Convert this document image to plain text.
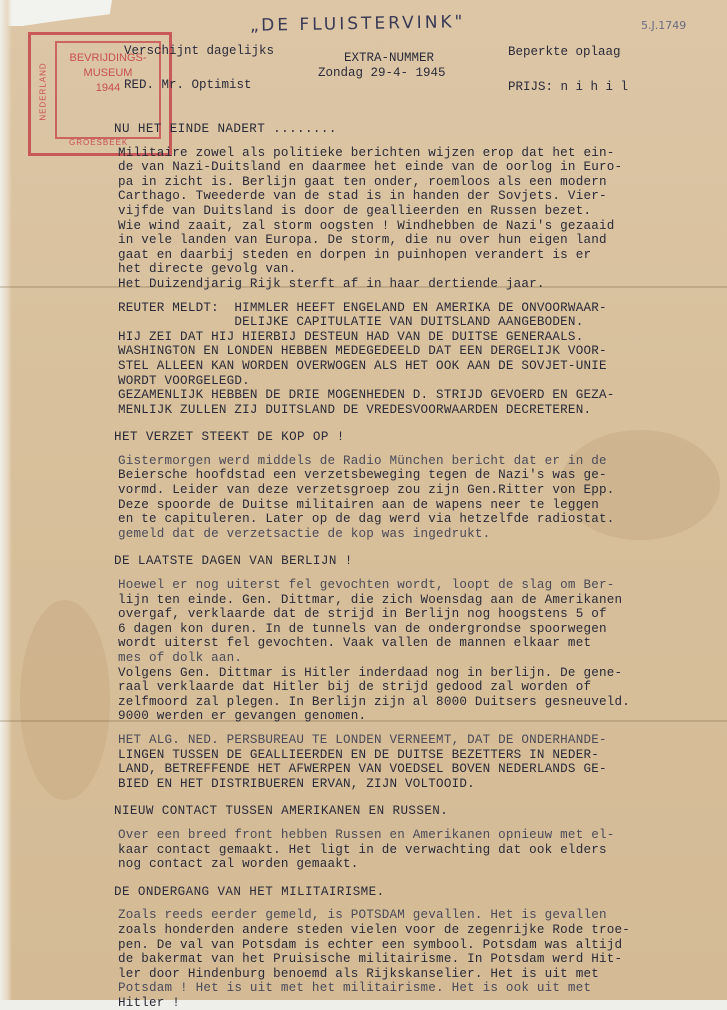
„DE FLUISTERVINK"	5.J.1749
NEDERLAND
BEVRIJDINGS-
MUSEUM
1944
GROESBEEK
Verschijnt dagelijks
RED. Mr. Optimist
EXTRA-NUMMER
Zondag 29-4- 1945
Beperkte oplaag
PRIJS: n i h i l
NU HET EINDE NADERT ........
Militaire zowel als politieke berichten wijzen erop dat het ein-
de van Nazi-Duitsland en daarmee het einde van de oorlog in Euro-
pa in zicht is. Berlijn gaat ten onder, roemloos als een modern
Carthago. Tweederde van de stad is in handen der Sovjets. Vier-
vijfde van Duitsland is door de geallieerden en Russen bezet.
Wie wind zaait, zal storm oogsten ! Windhebben de Nazi's gezaaid
in vele landen van Europa. De storm, die nu over hun eigen land
gaat en daarbij steden en dorpen in puinhopen verandert is er
het directe gevolg van.
Het Duizendjarig Rijk sterft af in haar dertiende jaar.
REUTER MELDT:  HIMMLER HEEFT ENGELAND EN AMERIKA DE ONVOORWAAR-
DELIJKE CAPITULATIE VAN DUITSLAND AANGEBODEN.
HIJ ZEI DAT HIJ HIERBIJ DESTEUN HAD VAN DE DUITSE GENERAALS.
WASHINGTON EN LONDEN HEBBEN MEDEGEDEELD DAT EEN DERGELIJK VOOR-
STEL ALLEEN KAN WORDEN OVERWOGEN ALS HET OOK AAN DE SOVJET-UNIE
WORDT VOORGELEGD.
GEZAMENLIJK HEBBEN DE DRIE MOGENHEDEN D. STRIJD GEVOERD EN GEZA-
MENLIJK ZULLEN ZIJ DUITSLAND DE VREDESVOORWAARDEN DECRETEREN.
HET VERZET STEEKT DE KOP OP !
Gistermorgen werd middels de Radio München bericht dat er in de
Beiersche hoofdstad een verzetsbeweging tegen de Nazi's was ge-
vormd. Leider van deze verzetsgroep zou zijn Gen.Ritter von Epp.
Deze spoorde de Duitse militairen aan de wapens neer te leggen
en te capituleren. Later op de dag werd via hetzelfde radiostat.
gemeld dat de verzetsactie de kop was ingedrukt.
DE LAATSTE DAGEN VAN BERLIJN !
Hoewel er nog uiterst fel gevochten wordt, loopt de slag om Ber-
lijn ten einde. Gen. Dittmar, die zich Woensdag aan de Amerikanen
overgaf, verklaarde dat de strijd in Berlijn nog hoogstens 5 of
6 dagen kon duren. In de tunnels van de ondergrondse spoorwegen
wordt uiterst fel gevochten. Vaak vallen de mannen elkaar met
mes of dolk aan.
Volgens Gen. Dittmar is Hitler inderdaad nog in berlijn. De gene-
raal verklaarde dat Hitler bij de strijd gedood zal worden of
zelfmoord zal plegen. In Berlijn zijn al 8000 Duitsers gesneuveld.
9000 werden er gevangen genomen.
HET ALG. NED. PERSBUREAU TE LONDEN VERNEEMT, DAT DE ONDERHANDE-
LINGEN TUSSEN DE GEALLIEERDEN EN DE DUITSE BEZETTERS IN NEDER-
LAND, BETREFFENDE HET AFWERPEN VAN VOEDSEL BOVEN NEDERLANDS GE-
BIED EN HET DISTRIBUEREN ERVAN, ZIJN VOLTOOID.
NIEUW CONTACT TUSSEN AMERIKANEN EN RUSSEN.
Over een breed front hebben Russen en Amerikanen opnieuw met el-
kaar contact gemaakt. Het ligt in de verwachting dat ook elders
nog contact zal worden gemaakt.
DE ONDERGANG VAN HET MILITAIRISME.
Zoals reeds eerder gemeld, is POTSDAM gevallen. Het is gevallen
zoals honderden andere steden vielen voor de zegenrijke Rode troe-
pen. De val van Potsdam is echter een symbool. Potsdam was altijd
de bakermat van het Pruisische militairisme. In Potsdam werd Hit-
ler door Hindenburg benoemd als Rijkskanselier. Het is uit met
Potsdam ! Het is uit met het militairisme. Het is ook uit met
Hitler !
